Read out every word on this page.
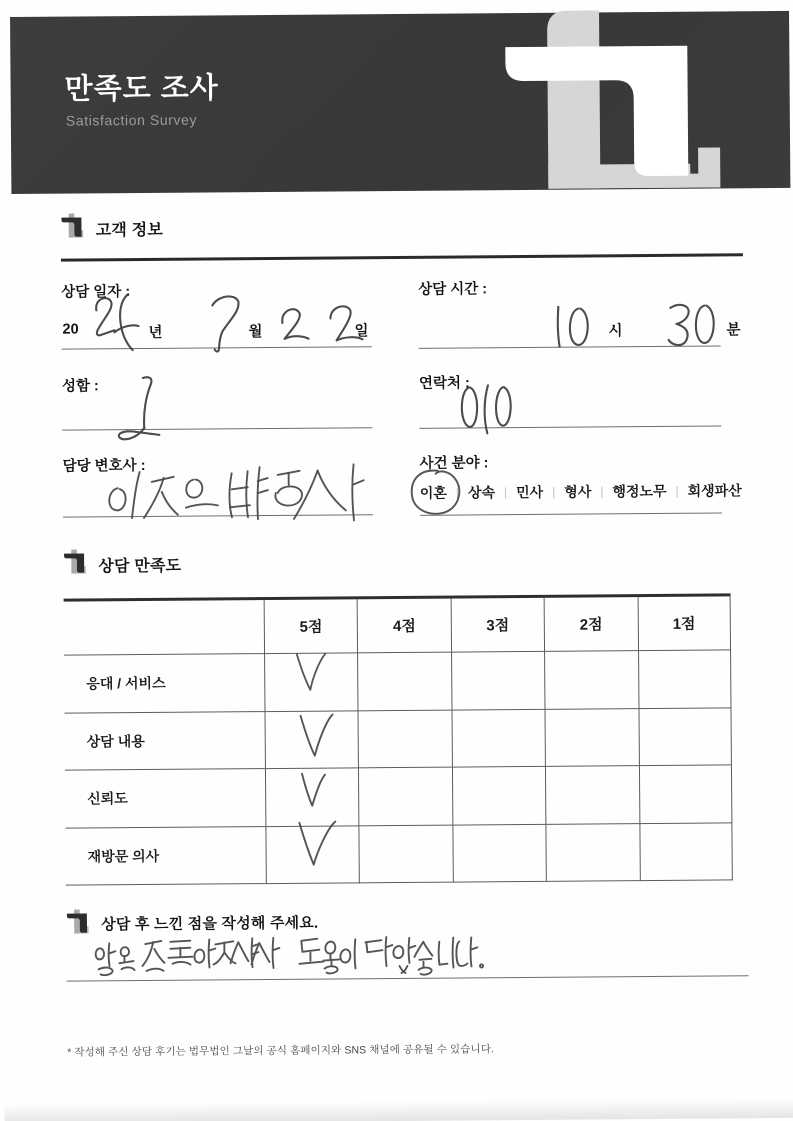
만족도 조사
Satisfaction Survey
고객 정보
상담 일자 :
20	년	월	일
상담 시간 :
시	분
성함 :	연락처 :
담당 변호사 :	사건 분야 :
이혼 | 상속 | 민사 | 형사 | 행정노무 | 회생파산
상담 만족도
5점	4점	3점	2점	1점
응대 / 서비스
상담 내용
신뢰도
재방문 의사
상담 후 느낀 점을 작성해 주세요.
* 작성해 주신 상담 후기는 법무법인 그날의 공식 홈페이지와 SNS 채널에 공유될 수 있습니다.
